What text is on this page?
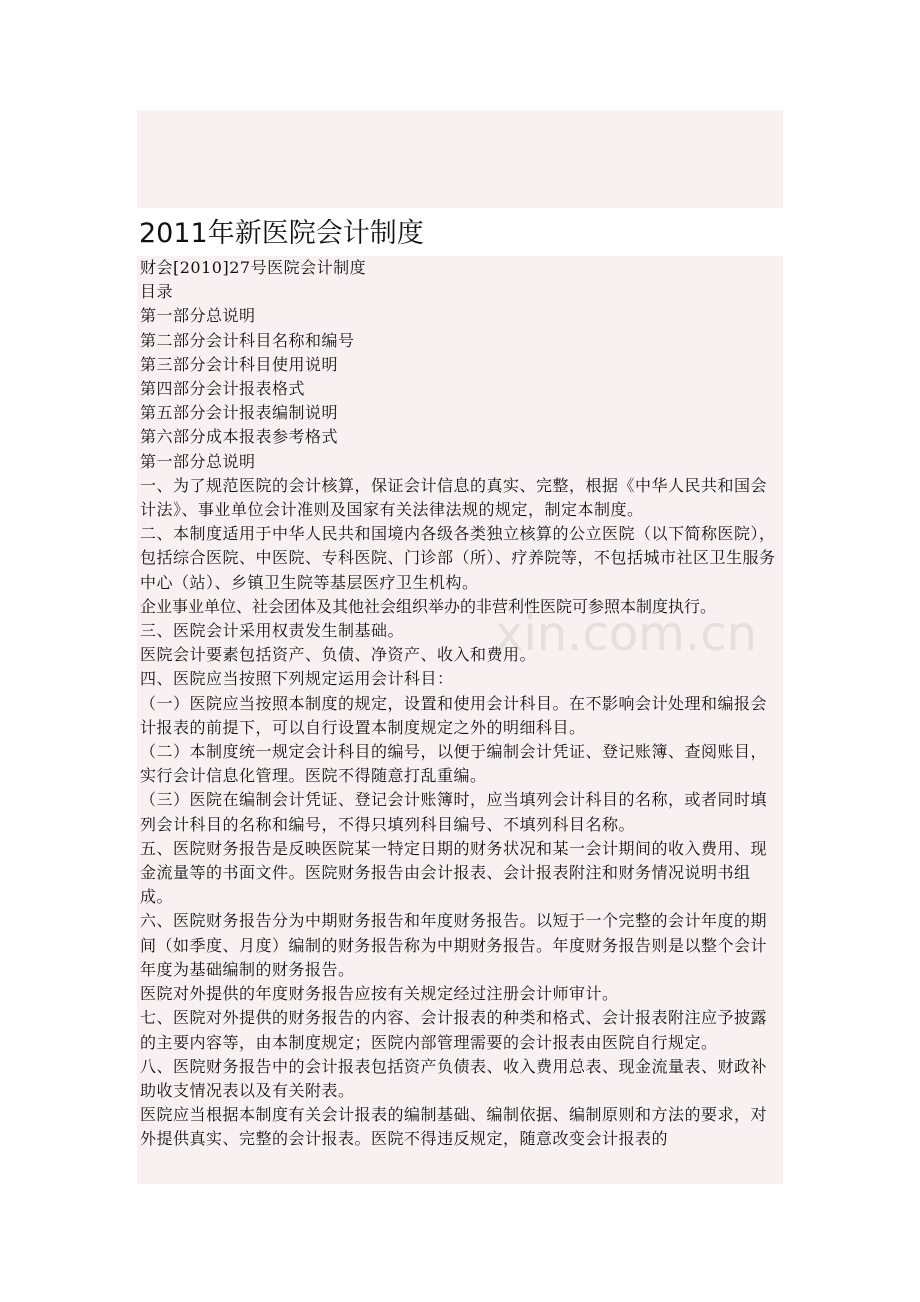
2011年新医院会计制度

财会[2010]27号医院会计制度

目录

第一部分总说明

第二部分会计科目名称和编号

第三部分会计科目使用说明

第四部分会计报表格式

第五部分会计报表编制说明

第六部分成本报表参考格式

第一部分总说明

一、为了规范医院的会计核算，保证会计信息的真实、完整，根据《中华人民共和国会计法》、事业单位会计准则及国家有关法律法规的规定，制定本制度。

二、本制度适用于中华人民共和国境内各级各类独立核算的公立医院（以下简称医院），包括综合医院、中医院、专科医院、门诊部（所）、疗养院等，不包括城市社区卫生服务中心（站）、乡镇卫生院等基层医疗卫生机构。

企业事业单位、社会团体及其他社会组织举办的非营利性医院可参照本制度执行。

三、医院会计采用权责发生制基础。

医院会计要素包括资产、负债、净资产、收入和费用。

四、医院应当按照下列规定运用会计科目：

（一）医院应当按照本制度的规定，设置和使用会计科目。在不影响会计处理和编报会计报表的前提下，可以自行设置本制度规定之外的明细科目。

（二）本制度统一规定会计科目的编号，以便于编制会计凭证、登记账簿、查阅账目，实行会计信息化管理。医院不得随意打乱重编。

（三）医院在编制会计凭证、登记会计账簿时，应当填列会计科目的名称，或者同时填列会计科目的名称和编号，不得只填列科目编号、不填列科目名称。

五、医院财务报告是反映医院某一特定日期的财务状况和某一会计期间的收入费用、现金流量等的书面文件。医院财务报告由会计报表、会计报表附注和财务情况说明书组成。

六、医院财务报告分为中期财务报告和年度财务报告。以短于一个完整的会计年度的期间（如季度、月度）编制的财务报告称为中期财务报告。年度财务报告则是以整个会计年度为基础编制的财务报告。

医院对外提供的年度财务报告应按有关规定经过注册会计师审计。

七、医院对外提供的财务报告的内容、会计报表的种类和格式、会计报表附注应予披露的主要内容等，由本制度规定；医院内部管理需要的会计报表由医院自行规定。

八、医院财务报告中的会计报表包括资产负债表、收入费用总表、现金流量表、财政补助收支情况表以及有关附表。

医院应当根据本制度有关会计报表的编制基础、编制依据、编制原则和方法的要求，对外提供真实、完整的会计报表。医院不得违反规定，随意改变会计报表的

xin.com.cn
